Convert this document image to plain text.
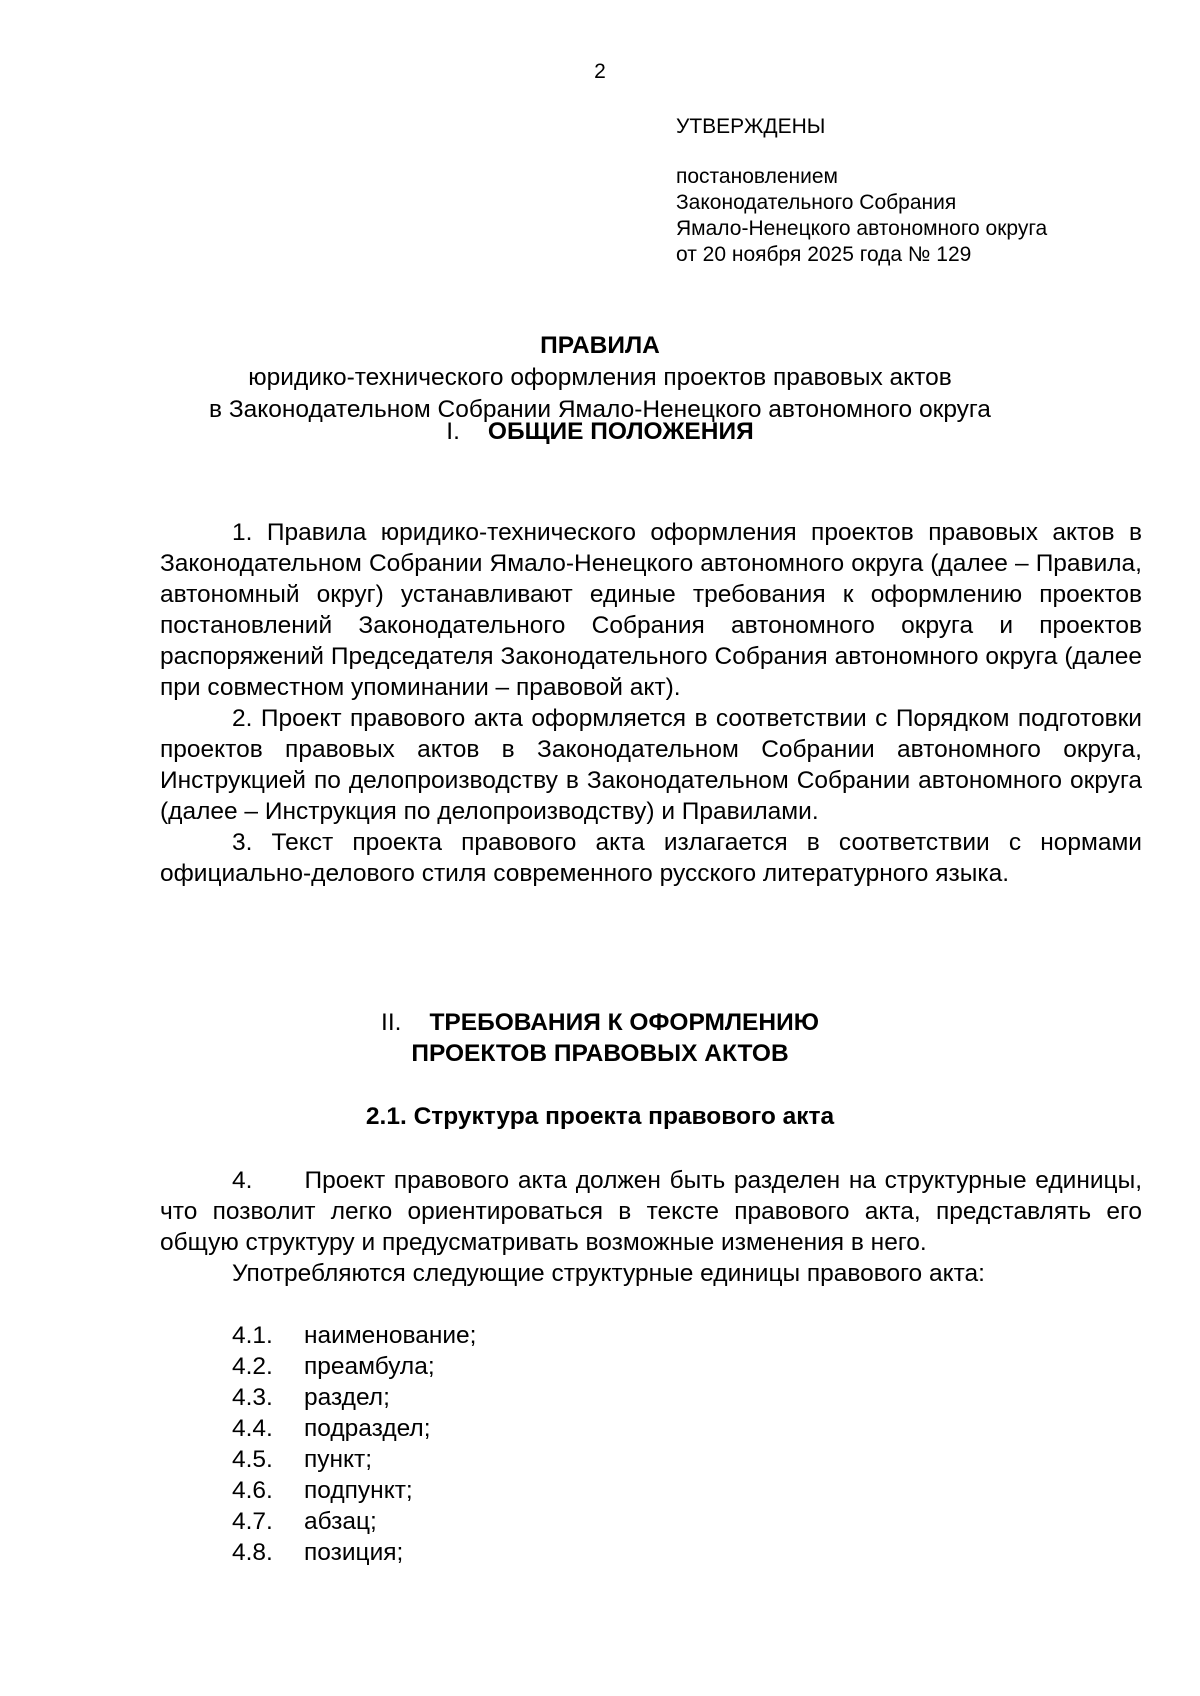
2
УТВЕРЖДЕНЫ
постановлением
Законодательного Собрания
Ямало-Ненецкого автономного округа
от 20 ноября 2025 года № 129
ПРАВИЛА
юридико-технического оформления проектов правовых актов
в Законодательном Собрании Ямало-Ненецкого автономного округа
I. ОБЩИЕ ПОЛОЖЕНИЯ

1. Правила юридико-технического оформления проектов правовых актов в Законодательном Собрании Ямало-Ненецкого автономного округа (далее – Правила, автономный округ) устанавливают единые требования к оформлению проектов постановлений Законодательного Собрания автономного округа и проектов распоряжений Председателя Законодательного Собрания автономного округа (далее при совместном упоминании – правовой акт).

2. Проект правового акта оформляется в соответствии с Порядком подготовки проектов правовых актов в Законодательном Собрании автономного округа, Инструкцией по делопроизводству в Законодательном Собрании автономного округа (далее – Инструкция по делопроизводству) и Правилами.

3. Текст проекта правового акта излагается в соответствии с нормами официально-делового стиля современного русского литературного языка.

II. ТРЕБОВАНИЯ К ОФОРМЛЕНИЮ
ПРОЕКТОВ ПРАВОВЫХ АКТОВ
2.1. Структура проекта правового акта

4.      Проект правового акта должен быть разделен на структурные единицы, что позволит легко ориентироваться в тексте правового акта, представлять его общую структуру и предусматривать возможные изменения в него.

Употребляются следующие структурные единицы правового акта:

4.1. наименование;
4.2. преамбула;
4.3. раздел;
4.4. подраздел;
4.5. пункт;
4.6. подпункт;
4.7. абзац;
4.8. позиция;
